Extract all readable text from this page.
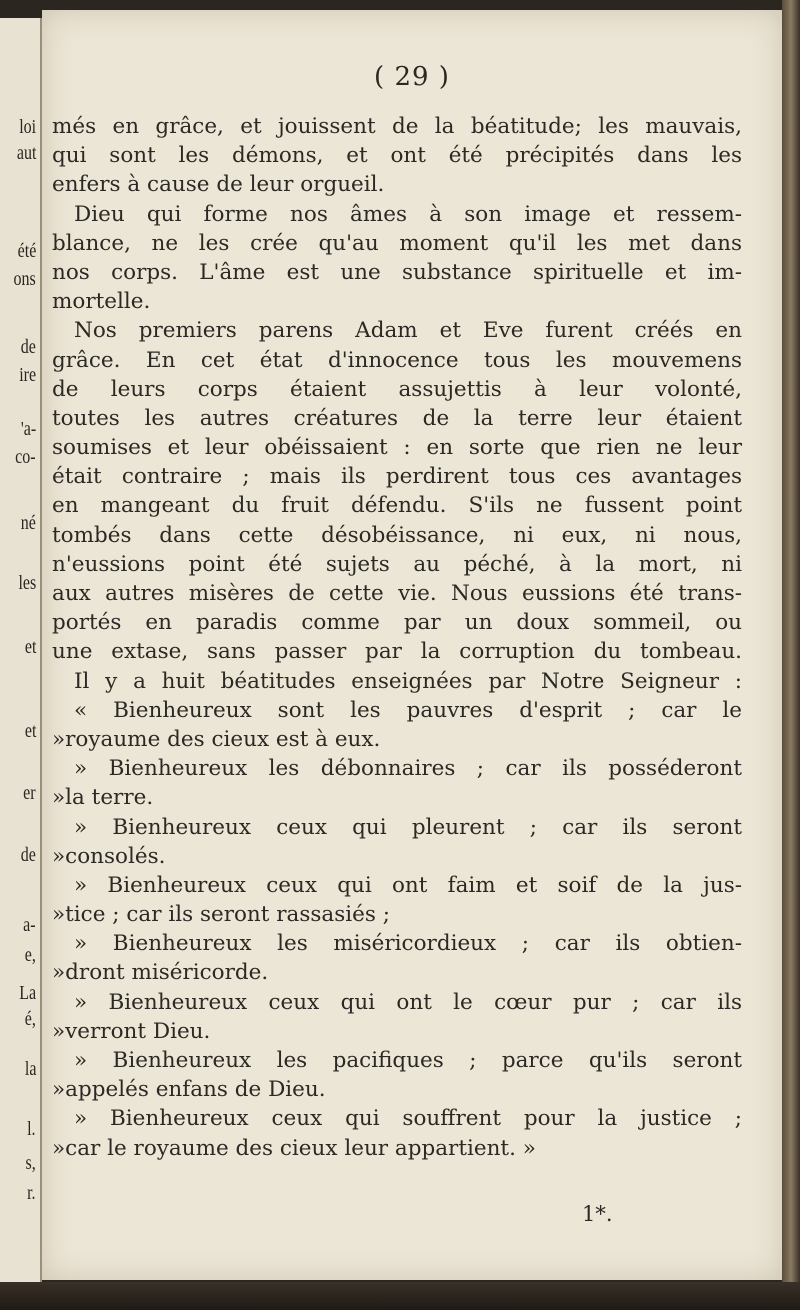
loi
aut
été
ons
de
ire
'a-
co-
né
les
et
et
er
de
a-
e,
La
é,
la
l.
s,
r.
( 29 )
més en grâce, et jouissent de la béatitude; les mauvais,
qui sont les démons, et ont été précipités dans les
enfers à cause de leur orgueil.
Dieu qui forme nos âmes à son image et ressem-
blance, ne les crée qu'au moment qu'il les met dans
nos corps. L'âme est une substance spirituelle et im-
mortelle.
Nos premiers parens Adam et Eve furent créés en
grâce. En cet état d'innocence tous les mouvemens
de leurs corps étaient assujettis à leur volonté,
toutes les autres créatures de la terre leur étaient
soumises et leur obéissaient : en sorte que rien ne leur
était contraire ; mais ils perdirent tous ces avantages
en mangeant du fruit défendu. S'ils ne fussent point
tombés dans cette désobéissance, ni eux, ni nous,
n'eussions point été sujets au péché, à la mort, ni
aux autres misères de cette vie. Nous eussions été trans-
portés en paradis comme par un doux sommeil, ou
une extase, sans passer par la corruption du tombeau.
Il y a huit béatitudes enseignées par Notre Seigneur :
« Bienheureux sont les pauvres d'esprit ; car le
»royaume des cieux est à eux.
» Bienheureux les débonnaires ; car ils posséderont
»la terre.
» Bienheureux ceux qui pleurent ; car ils seront
»consolés.
» Bienheureux ceux qui ont faim et soif de la jus-
»tice ; car ils seront rassasiés ;
» Bienheureux les miséricordieux ; car ils obtien-
»dront miséricorde.
» Bienheureux ceux qui ont le cœur pur ; car ils
»verront Dieu.
» Bienheureux les pacifiques ; parce qu'ils seront
»appelés enfans de Dieu.
» Bienheureux ceux qui souffrent pour la justice ;
»car le royaume des cieux leur appartient. »
1*.
